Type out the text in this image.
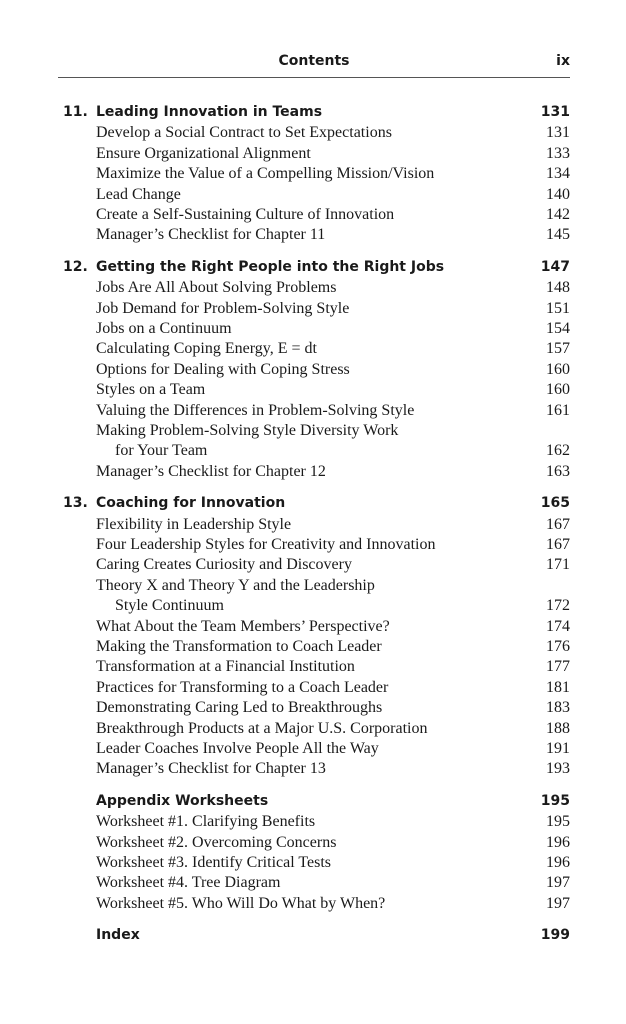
Contents	ix
11. Leading Innovation in Teams	131
Develop a Social Contract to Set Expectations	131
Ensure Organizational Alignment	133
Maximize the Value of a Compelling Mission/Vision	134
Lead Change	140
Create a Self-Sustaining Culture of Innovation	142
Manager’s Checklist for Chapter 11	145
12. Getting the Right People into the Right Jobs	147
Jobs Are All About Solving Problems	148
Job Demand for Problem-Solving Style	151
Jobs on a Continuum	154
Calculating Coping Energy, E = dt	157
Options for Dealing with Coping Stress	160
Styles on a Team	160
Valuing the Differences in Problem-Solving Style	161
Making Problem-Solving Style Diversity Work
for Your Team	162
Manager’s Checklist for Chapter 12	163
13. Coaching for Innovation	165
Flexibility in Leadership Style	167
Four Leadership Styles for Creativity and Innovation	167
Caring Creates Curiosity and Discovery	171
Theory X and Theory Y and the Leadership
Style Continuum	172
What About the Team Members’ Perspective?	174
Making the Transformation to Coach Leader	176
Transformation at a Financial Institution	177
Practices for Transforming to a Coach Leader	181
Demonstrating Caring Led to Breakthroughs	183
Breakthrough Products at a Major U.S. Corporation	188
Leader Coaches Involve People All the Way	191
Manager’s Checklist for Chapter 13	193
Appendix Worksheets	195
Worksheet #1. Clarifying Benefits	195
Worksheet #2. Overcoming Concerns	196
Worksheet #3. Identify Critical Tests	196
Worksheet #4. Tree Diagram	197
Worksheet #5. Who Will Do What by When?	197
Index	199
